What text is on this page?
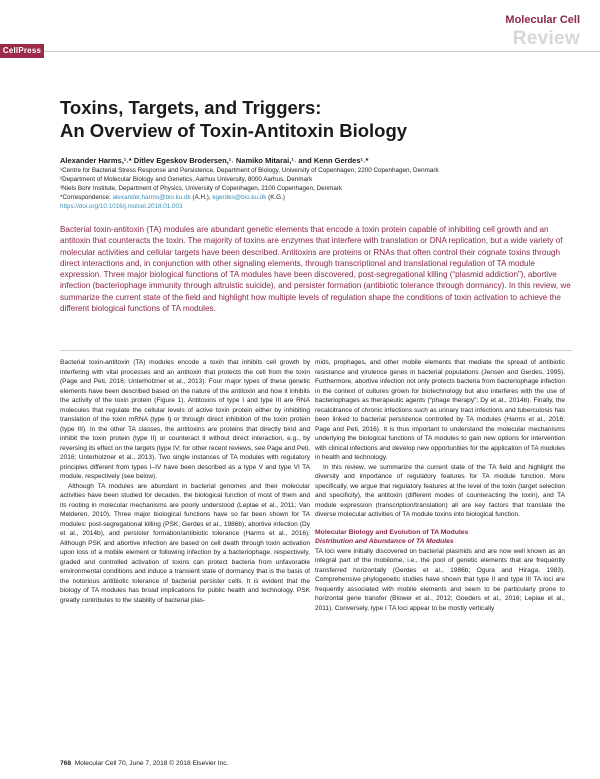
CellPress
Molecular Cell
Review
Toxins, Targets, and Triggers:
An Overview of Toxin-Antitoxin Biology
Alexander Harms,¹˒* Ditlev Egeskov Brodersen,¹˒ Namiko Mitarai,¹˒ and Kenn Gerdes¹˒*
¹Centre for Bacterial Stress Response and Persistence, Department of Biology, University of Copenhagen, 2200 Copenhagen, Denmark
²Department of Molecular Biology and Genetics, Aarhus University, 8000 Aarhus, Denmark
³Niels Bohr Institute, Department of Physics, University of Copenhagen, 2100 Copenhagen, Denmark
*Correspondence: alexander.harms@bio.ku.dk (A.H.), kgerdes@bio.ku.dk (K.G.)
https://doi.org/10.1016/j.molcel.2018.01.003

Bacterial toxin-antitoxin (TA) modules are abundant genetic elements that encode a toxin protein capable of inhibiting cell growth and an antitoxin that counteracts the toxin. The majority of toxins are enzymes that interfere with translation or DNA replication, but a wide variety of molecular activities and cellular targets have been described. Antitoxins are proteins or RNAs that often control their cognate toxins through direct interactions and, in conjunction with other signaling elements, through transcriptional and translational regulation of TA module expression. Three major biological functions of TA modules have been discovered, post-segregational killing (“plasmid addiction”), abortive infection (bacteriophage immunity through altruistic suicide), and persister formation (antibiotic tolerance through dormancy). In this review, we summarize the current state of the field and highlight how multiple levels of regulation shape the conditions of toxin activation to achieve the different biological functions of TA modules.

Bacterial toxin-antitoxin (TA) modules encode a toxin that inhibits cell growth by interfering with vital processes and an antitoxin that protects the cell from the toxin (Page and Peti, 2016; Unterholzner et al., 2013). Four major types of these genetic elements have been described based on the nature of the antitoxin and how it inhibits the activity of the toxin protein (Figure 1). Antitoxins of type I and type III are RNA molecules that regulate the cellular levels of active toxin protein either by inhibiting translation of the toxin mRNA (type I) or through direct inhibition of the toxin protein (type III). In the other TA classes, the antitoxins are proteins that directly bind and inhibit the toxin protein (type II) or counteract it without direct interaction, e.g., by reversing its effect on the targets (type IV; for other recent reviews, see Page and Peti, 2016; Unterholzner et al., 2013). Two single instances of TA modules with regulatory principles different from types I–IV have been described as a type V and type VI TA module, respectively (see below).

Although TA modules are abundant in bacterial genomes and their molecular activities have been studied for decades, the biological function of most of them and its rooting in molecular mechanisms are poorly understood (Leplae et al., 2011; Van Melderen, 2010). Three major biological functions have so far been shown for TA modules: post-segregational killing (PSK; Gerdes et al., 1986b), abortive infection (Dy et al., 2014b), and persister formation/antibiotic tolerance (Harms et al., 2016). Although PSK and abortive infection are based on cell death through toxin activation upon loss of a mobile element or following infection by a bacteriophage, respectively, graded and controlled activation of toxins can protect bacteria from unfavorable environmental conditions and induce a transient state of dormancy that is the basis of the notorious antibiotic tolerance of bacterial persister cells. It is evident that the biology of TA modules has broad implications for public health and technology. PSK greatly contributes to the stability of bacterial plas-

mids, prophages, and other mobile elements that mediate the spread of antibiotic resistance and virulence genes in bacterial populations (Jensen and Gerdes, 1995). Furthermore, abortive infection not only protects bacteria from bacteriophage infection in the context of cultures grown for biotechnology but also interferes with the use of bacteriophages as therapeutic agents (“phage therapy”; Dy et al., 2014b). Finally, the recalcitrance of chronic infections such as urinary tract infections and tuberculosis has been linked to bacterial persistence controlled by TA modules (Harms et al., 2016; Page and Peti, 2016). It is thus important to understand the molecular mechanisms underlying the biological functions of TA modules to gain new options for intervention with clinical infections and develop new opportunities for the application of TA modules in health and technology.

In this review, we summarize the current state of the TA field and highlight the diversity and importance of regulatory features for TA module function. More specifically, we argue that regulatory features at the level of the toxin (target selection and specificity), the antitoxin (different modes of counteracting the toxin), and TA module expression (transcription/translation) all are key factors that translate the diverse molecular activities of TA module toxins into biological function.

Molecular Biology and Evolution of TA Modules
Distribution and Abundance of TA Modules

TA loci were initially discovered on bacterial plasmids and are now well known as an integral part of the mobilome, i.e., the pool of genetic elements that are frequently transferred horizontally (Gerdes et al., 1986b; Ogura and Hiraga, 1983). Comprehensive phylogenetic studies have shown that type II and type III TA loci are frequently associated with mobile elements and seem to be particularly prone to horizontal gene transfer (Blower et al., 2012; Goeders et al., 2016; Leplae et al., 2011). Conversely, type I TA loci appear to be mostly vertically

768 Molecular Cell 70, June 7, 2018 © 2018 Elsevier Inc.
